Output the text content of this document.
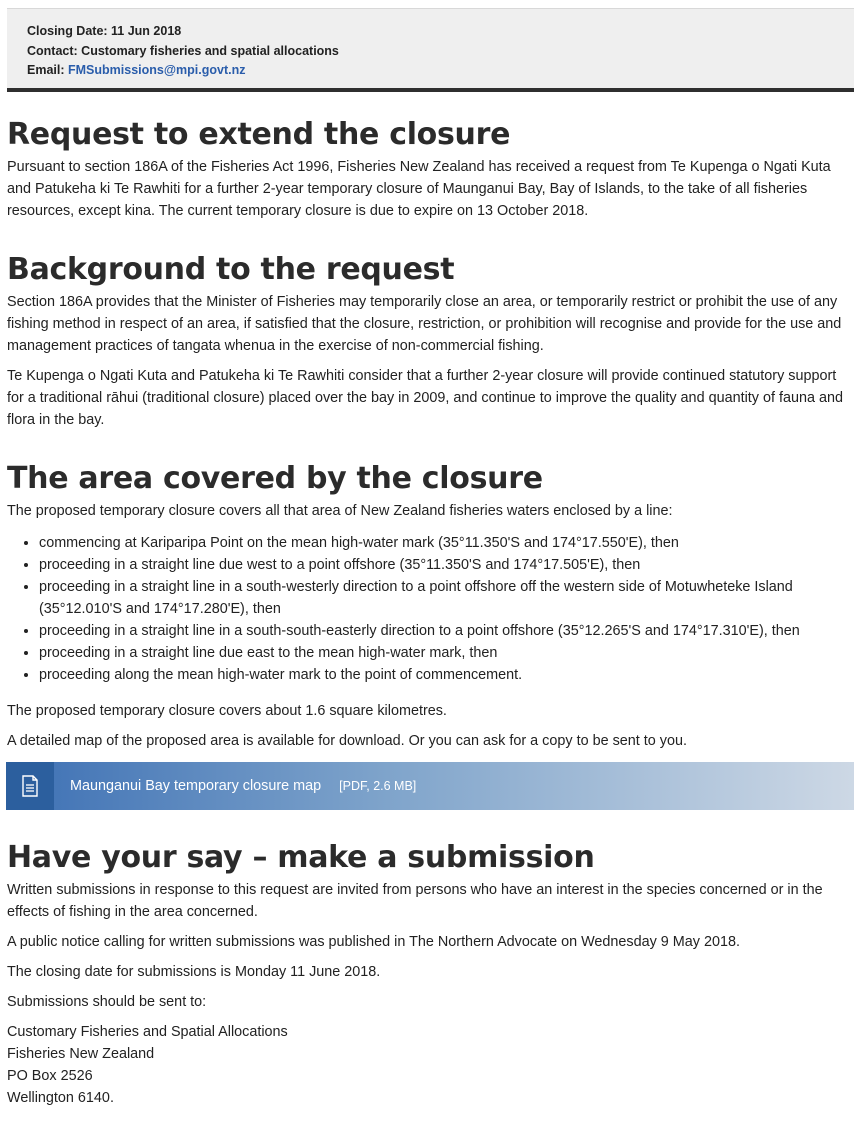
Closing Date: 11 Jun 2018
Contact: Customary fisheries and spatial allocations
Email: FMSubmissions@mpi.govt.nz
Request to extend the closure

Pursuant to section 186A of the Fisheries Act 1996, Fisheries New Zealand has received a request from Te Kupenga o Ngati Kuta and Patukeha ki Te Rawhiti for a further 2-year temporary closure of Maunganui Bay, Bay of Islands, to the take of all fisheries resources, except kina. The current temporary closure is due to expire on 13 October 2018.

Background to the request

Section 186A provides that the Minister of Fisheries may temporarily close an area, or temporarily restrict or prohibit the use of any fishing method in respect of an area, if satisfied that the closure, restriction, or prohibition will recognise and provide for the use and management practices of tangata whenua in the exercise of non-commercial fishing.

Te Kupenga o Ngati Kuta and Patukeha ki Te Rawhiti consider that a further 2-year closure will provide continued statutory support for a traditional rāhui (traditional closure) placed over the bay in 2009, and continue to improve the quality and quantity of fauna and flora in the bay.

The area covered by the closure

The proposed temporary closure covers all that area of New Zealand fisheries waters enclosed by a line:

• commencing at Kariparipa Point on the mean high-water mark (35°11.350'S and 174°17.550'E), then
• proceeding in a straight line due west to a point offshore (35°11.350'S and 174°17.505'E), then
• proceeding in a straight line in a south-westerly direction to a point offshore off the western side of Motuwheteke Island (35°12.010'S and 174°17.280'E), then
• proceeding in a straight line in a south-south-easterly direction to a point offshore (35°12.265'S and 174°17.310'E), then
• proceeding in a straight line due east to the mean high-water mark, then
• proceeding along the mean high-water mark to the point of commencement.

The proposed temporary closure covers about 1.6 square kilometres.

A detailed map of the proposed area is available for download. Or you can ask for a copy to be sent to you.

Maunganui Bay temporary closure map [PDF, 2.6 MB]
Have your say – make a submission

Written submissions in response to this request are invited from persons who have an interest in the species concerned or in the effects of fishing in the area concerned.

A public notice calling for written submissions was published in The Northern Advocate on Wednesday 9 May 2018.

The closing date for submissions is Monday 11 June 2018.

Submissions should be sent to:

Customary Fisheries and Spatial Allocations

Fisheries New Zealand

PO Box 2526

Wellington 6140.
